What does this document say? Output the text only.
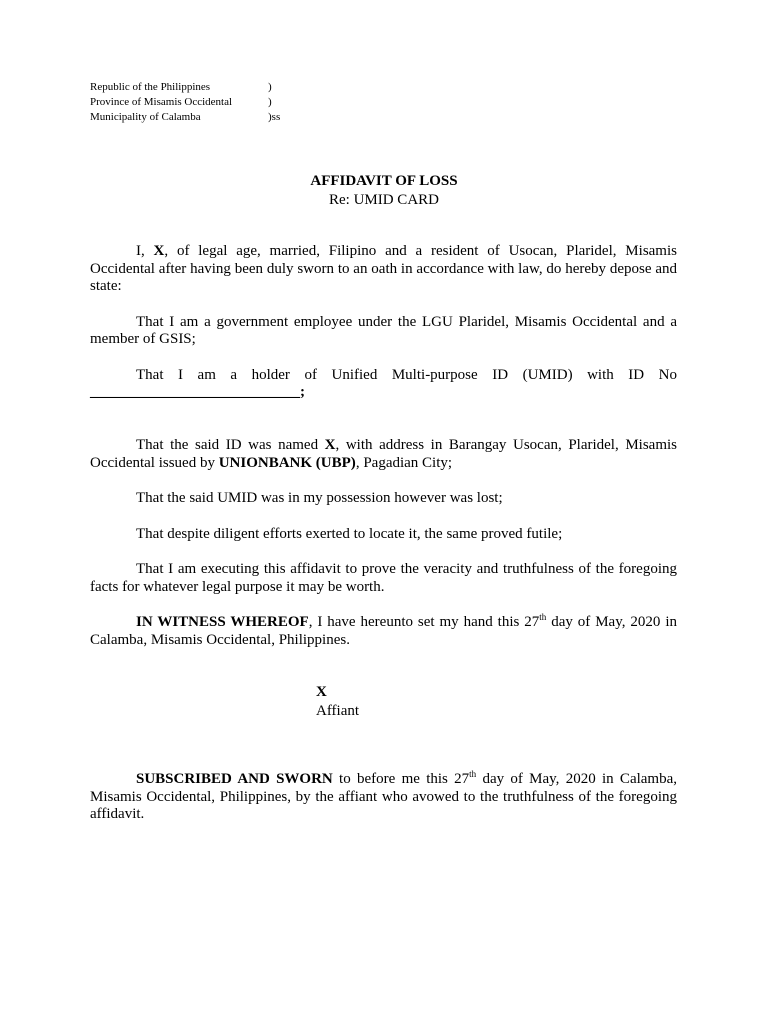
Republic of the Philippines	)
Province of Misamis Occidental	)
Municipality of Calamba	)ss
AFFIDAVIT OF LOSS
Re: UMID CARD

I, X, of legal age, married, Filipino and a resident of Usocan, Plaridel, Misamis Occidental after having been duly sworn to an oath in accordance with law, do hereby depose and state:

That I am a government employee under the LGU Plaridel, Misamis Occidental and a member of GSIS;

That I am a holder of Unified Multi-purpose ID (UMID) with ID No ____________________________;

That the said ID was named X, with address in Barangay Usocan, Plaridel, Misamis Occidental issued by UNIONBANK (UBP), Pagadian City;

That the said UMID was in my possession however was lost;

That despite diligent efforts exerted to locate it, the same proved futile;

That I am executing this affidavit to prove the veracity and truthfulness of the foregoing facts for whatever legal purpose it may be worth.

IN WITNESS WHEREOF, I have hereunto set my hand this 27th day of May, 2020 in Calamba, Misamis Occidental, Philippines.

X
Affiant

SUBSCRIBED AND SWORN to before me this 27th day of May, 2020 in Calamba, Misamis Occidental, Philippines, by the affiant who avowed to the truthfulness of the foregoing affidavit.
